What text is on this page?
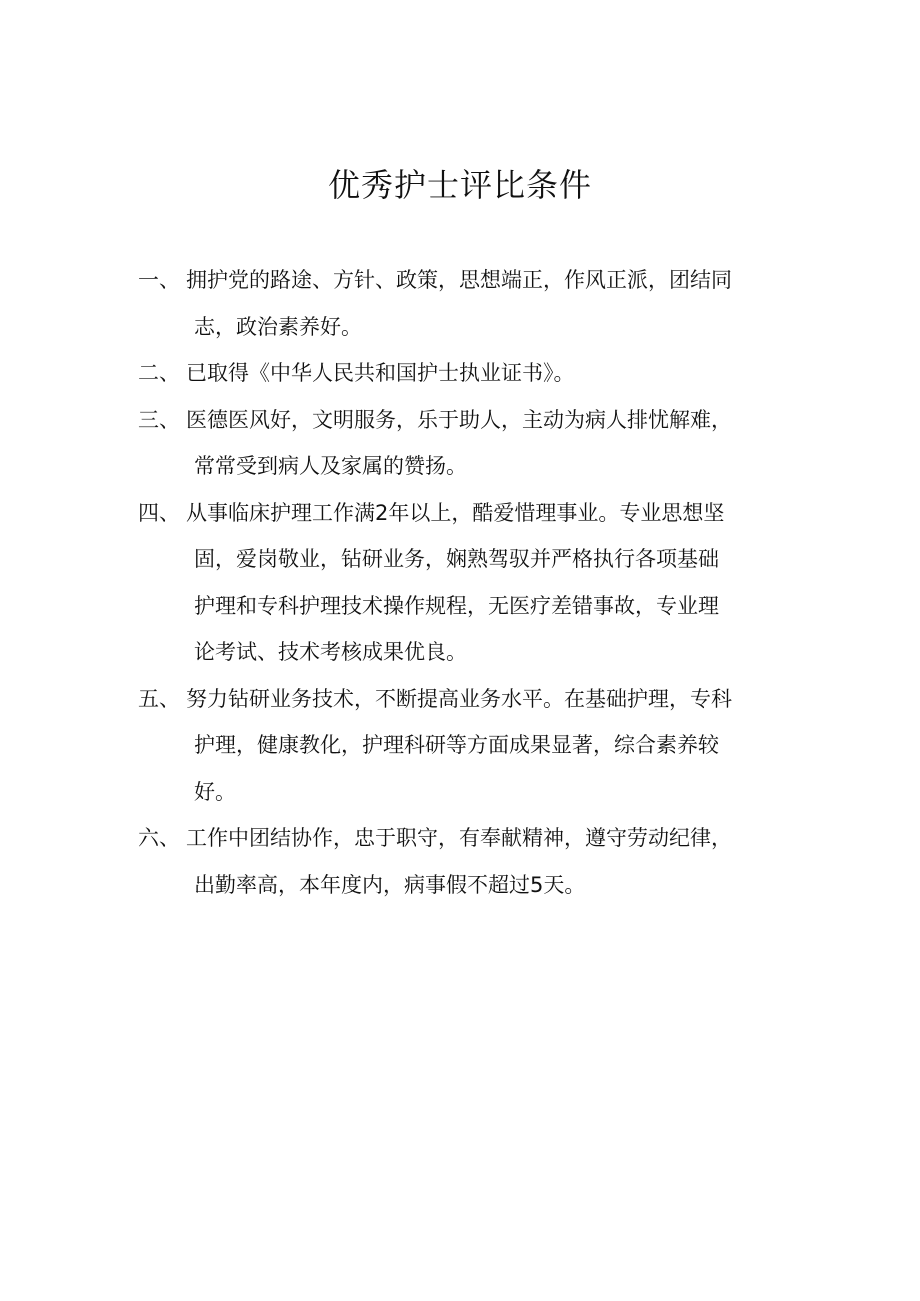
优秀护士评比条件
一、 拥护党的路途、方针、政策，思想端正，作风正派，团结同
志，政治素养好。
二、 已取得《中华人民共和国护士执业证书》。
三、 医德医风好，文明服务，乐于助人，主动为病人排忧解难，
常常受到病人及家属的赞扬。
四、 从事临床护理工作满2年以上，酷爱惜理事业。专业思想坚
固，爱岗敬业，钻研业务，娴熟驾驭并严格执行各项基础
护理和专科护理技术操作规程，无医疗差错事故，专业理
论考试、技术考核成果优良。
五、 努力钻研业务技术，不断提高业务水平。在基础护理，专科
护理，健康教化，护理科研等方面成果显著，综合素养较
好。
六、 工作中团结协作，忠于职守，有奉献精神，遵守劳动纪律，
出勤率高，本年度内，病事假不超过5天。
